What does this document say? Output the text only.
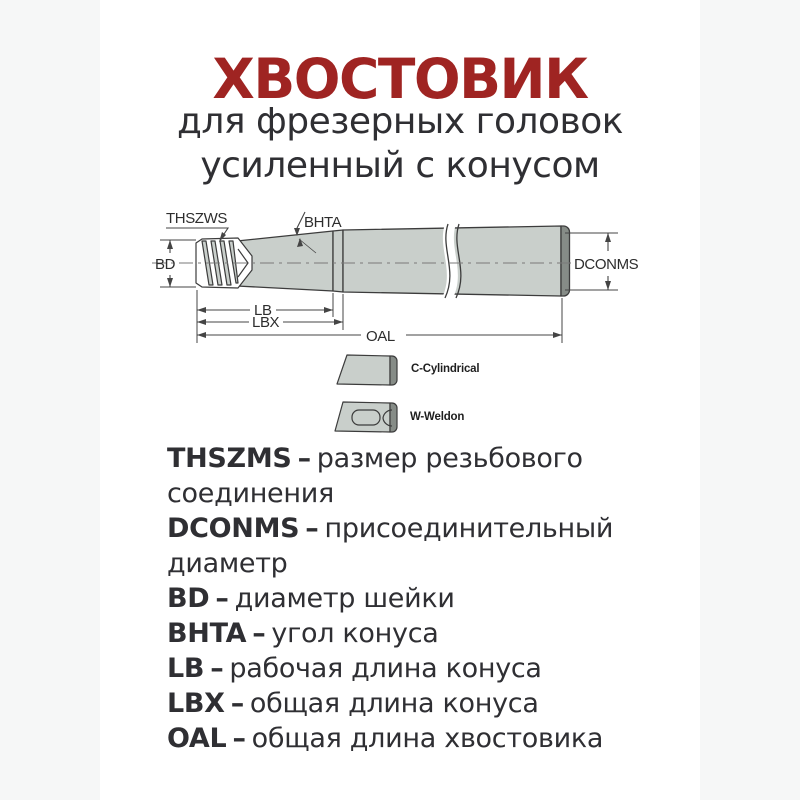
ХВОСТОВИК
для фрезерных головок
усиленный с конусом
BD
THSZWS	BHTA
LB
LBX
OAL
DCONMS
C-Cylindrical
W-Weldon
THSZMS – размер резьбового соединения
DCONMS – присоединительный диаметр
BD – диаметр шейки
BHTA – угол конуса
LB – рабочая длина конуса
LBX – общая длина конуса
OAL – общая длина хвостовика
